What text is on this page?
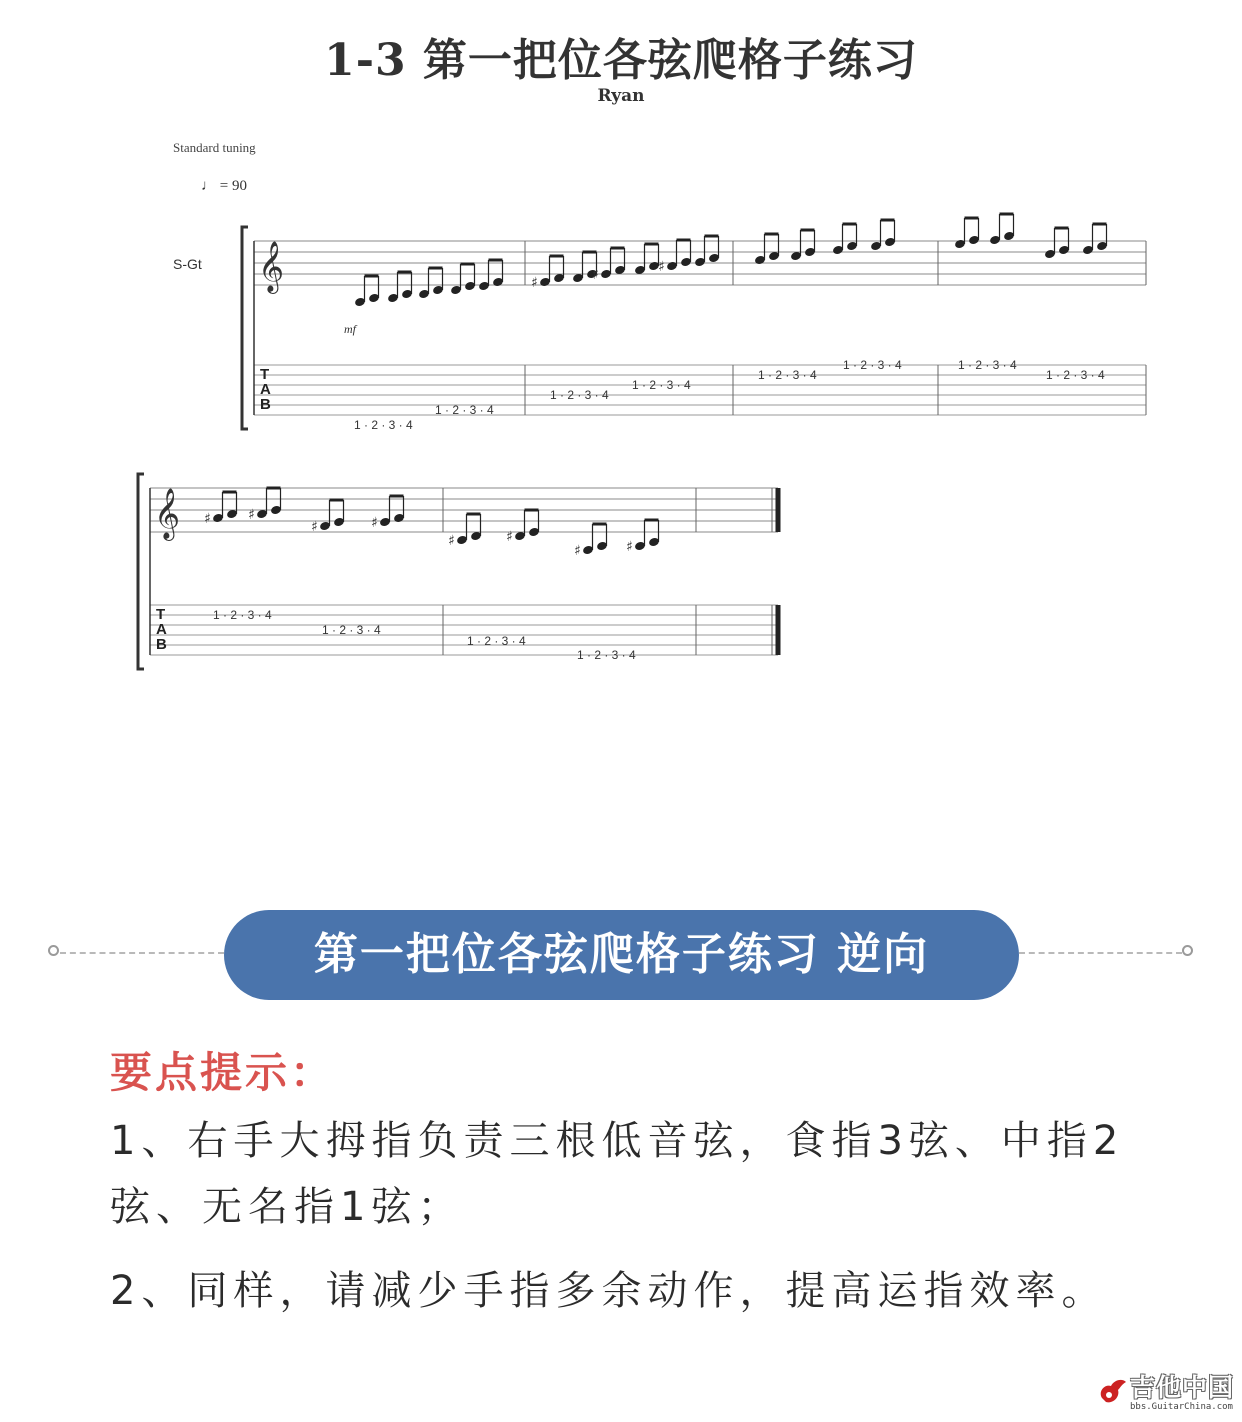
1-3 第一把位各弦爬格子练习
Ryan
Standard tuning
♩ = 90
S-Gt
mf
𝄞
T
A
B
♯	♯	♯
1 · 2 · 3 · 4
1 · 2 · 3 · 4
1 · 2 · 3 · 4
1 · 2 · 3 · 4
1 · 2 · 3 · 4
1 · 2 · 3 · 4	1 · 2 · 3 · 4
1 · 2 · 3 · 4
𝄞
T
A
B
♯	♯
♯	♯
♯	♯
♯	♯
1 · 2 · 3 · 4
1 · 2 · 3 · 4
1 · 2 · 3 · 4
1 · 2 · 3 · 4
第一把位各弦爬格子练习 逆向
要点提示：
1、右手大拇指负责三根低音弦，食指3弦、中指2弦、无名指1弦；
2、同样，请减少手指多余动作，提高运指效率。
吉他中国
bbs.GuitarChina.com
